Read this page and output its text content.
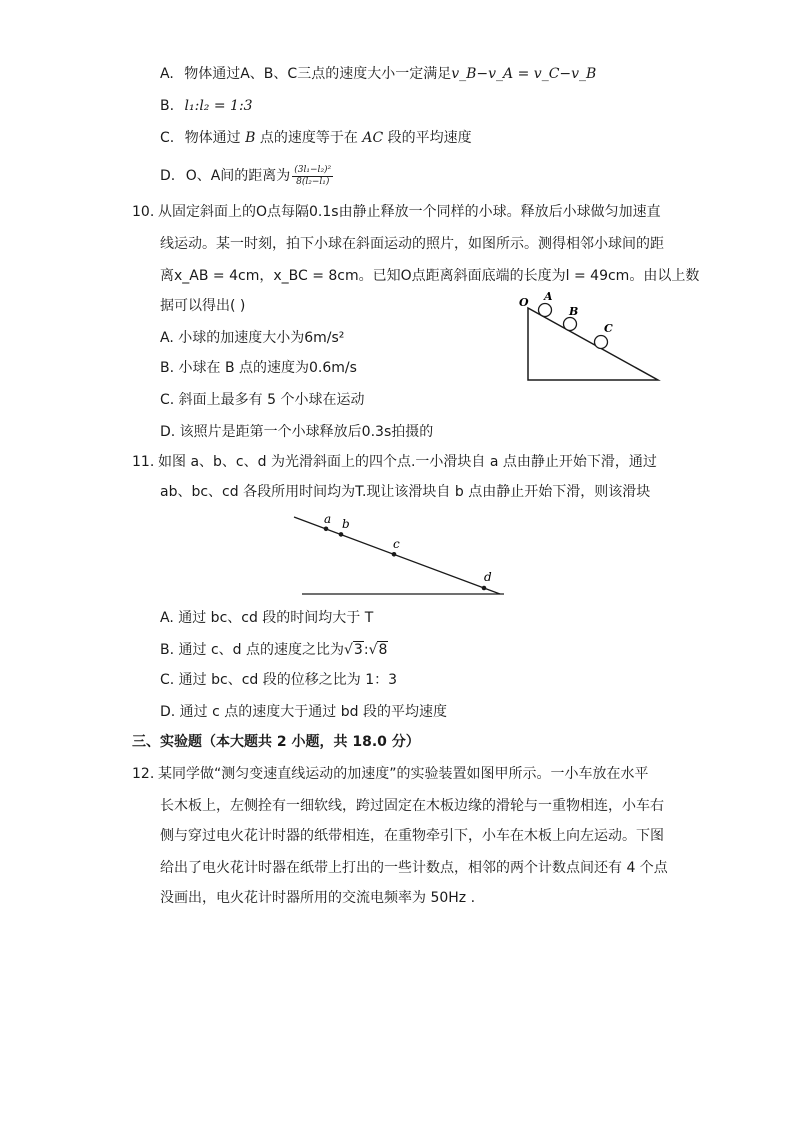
A. 物体通过A、B、C三点的速度大小一定满足v_B−v_A = v_C−v_B
B. l₁:l₂ = 1:3
C. 物体通过 B 点的速度等于在 AC 段的平均速度
D. O、A间的距离为 $\frac{\text{(3l₁−l₂)²}}{\text{8(l₂−l₁)}}$
10. 从固定斜面上的O点每隔0.1s由静止释放一个同样的小球。释放后小球做匀加速直
线运动。某一时刻，拍下小球在斜面运动的照片，如图所示。测得相邻小球间的距
离x_AB = 4cm，x_BC = 8cm。已知O点距离斜面底端的长度为l = 49cm。由以上数
据可以得出( )
A. 小球的加速度大小为6m/s²
B. 小球在 B 点的速度为0.6m/s
C. 斜面上最多有 5 个小球在运动
D. 该照片是距第一个小球释放后0.3s拍摄的
O A
B
C
11. 如图 a、b、c、d 为光滑斜面上的四个点.一小滑块自 a 点由静止开始下滑，通过
ab、bc、cd 各段所用时间均为T.现让该滑块自 b 点由静止开始下滑，则该滑块
a b
c
d
A. 通过 bc、cd 段的时间均大于 T
B. 通过 c、d 点的速度之比为√3:√8
C. 通过 bc、cd 段的位移之比为 1：3
D. 通过 c 点的速度大于通过 bd 段的平均速度
三、实验题（本大题共 2 小题，共 18.0 分）
12. 某同学做“测匀变速直线运动的加速度”的实验装置如图甲所示。一小车放在水平
长木板上，左侧拴有一细软线，跨过固定在木板边缘的滑轮与一重物相连，小车右
侧与穿过电火花计时器的纸带相连，在重物牵引下，小车在木板上向左运动。下图
给出了电火花计时器在纸带上打出的一些计数点，相邻的两个计数点间还有 4 个点
没画出，电火花计时器所用的交流电频率为 50Hz .
